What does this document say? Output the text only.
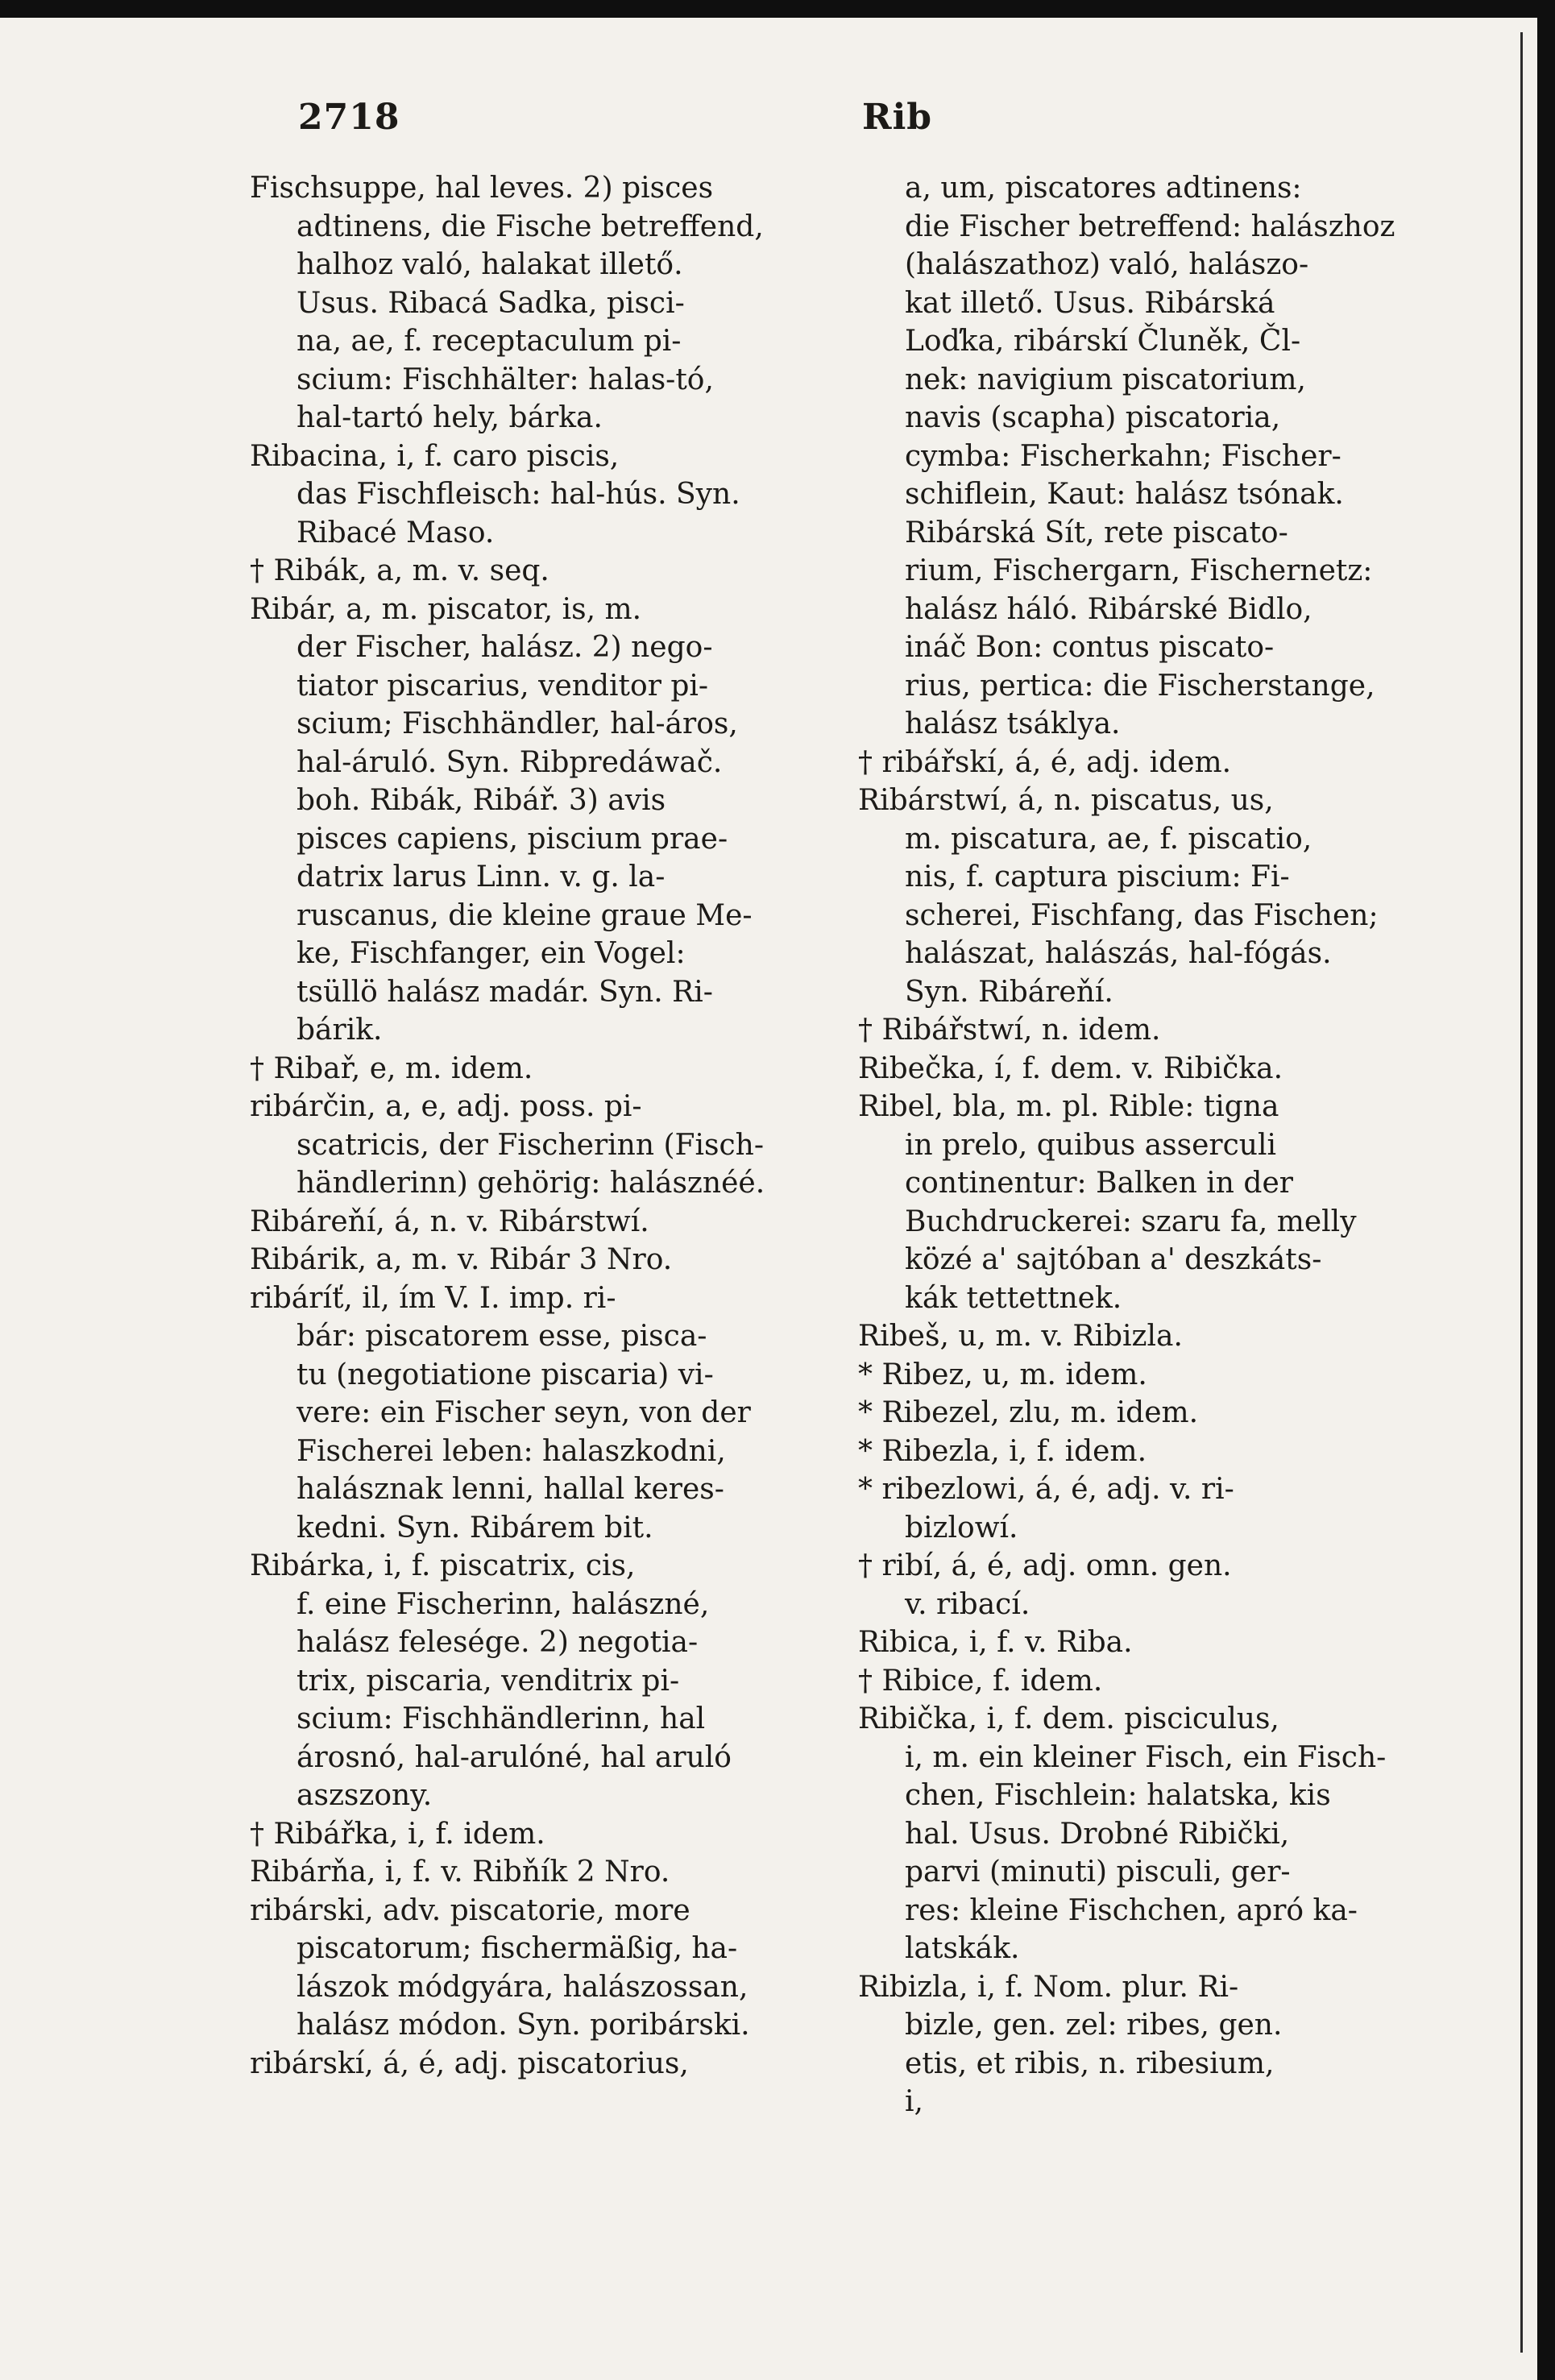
2718	Rib
Fischsuppe, hal leves. 2) pisces
adtinens, die Fische betreffend,
halhoz való, halakat illető.
Usus. Ribacá Sadka, pisci-
na, ae, f. receptaculum pi-
scium: Fischhälter: halas-tó,
hal-tartó hely, bárka.
Ribacina, i, f. caro piscis,
das Fischfleisch: hal-hús. Syn.
Ribacé Maso.
† Ribák, a, m. v. seq.
Ribár, a, m. piscator, is, m.
der Fischer, halász. 2) nego-
tiator piscarius, venditor pi-
scium; Fischhändler, hal-áros,
hal-áruló. Syn. Ribpredáwač.
boh. Ribák, Ribář. 3) avis
pisces capiens, piscium prae-
datrix larus Linn. v. g. la-
ruscanus, die kleine graue Me-
ke, Fischfanger, ein Vogel:
tsüllö halász madár. Syn. Ri-
bárik.
† Ribař, e, m. idem.
ribárčin, a, e, adj. poss. pi-
scatricis, der Fischerinn (Fisch-
händlerinn) gehörig: halásznéé.
Ribáreňí, á, n. v. Ribárstwí.
Ribárik, a, m. v. Ribár 3 Nro.
ribáríť, il, ím V. I. imp. ri-
bár: piscatorem esse, pisca-
tu (negotiatione piscaria) vi-
vere: ein Fischer seyn, von der
Fischerei leben: halaszkodni,
halásznak lenni, hallal keres-
kedni. Syn. Ribárem bit.
Ribárka, i, f. piscatrix, cis,
f. eine Fischerinn, halászné,
halász felesége. 2) negotia-
trix, piscaria, venditrix pi-
scium: Fischhändlerinn, hal
árosnó, hal-arulóné, hal aruló
aszszony.
† Ribářka, i, f. idem.
Ribárňa, i, f. v. Ribňík 2 Nro.
ribárski, adv. piscatorie, more
piscatorum; fischermäßig, ha-
lászok módgyára, halászossan,
halász módon. Syn. poribárski.
ribárskí, á, é, adj. piscatorius,
a, um, piscatores adtinens:
die Fischer betreffend: halászhoz
(halászathoz) való, halászo-
kat illető. Usus. Ribárská
Loďka, ribárskí Čluněk, Čl-
nek: navigium piscatorium,
navis (scapha) piscatoria,
cymba: Fischerkahn; Fischer-
schiflein, Kaut: halász tsónak.
Ribárská Sít, rete piscato-
rium, Fischergarn, Fischernetz:
halász háló. Ribárské Bidlo,
ináč Bon: contus piscato-
rius, pertica: die Fischerstange,
halász tsáklya.
† ribářskí, á, é, adj. idem.
Ribárstwí, á, n. piscatus, us,
m. piscatura, ae, f. piscatio,
nis, f. captura piscium: Fi-
scherei, Fischfang, das Fischen;
halászat, halászás, hal-fógás.
Syn. Ribáreňí.
† Ribářstwí, n. idem.
Ribečka, í, f. dem. v. Ribička.
Ribel, bla, m. pl. Rible: tigna
in prelo, quibus asserculi
continentur: Balken in der
Buchdruckerei: szaru fa, melly
közé a' sajtóban a' deszkáts-
kák tettettnek.
Ribeš, u, m. v. Ribizla.
* Ribez, u, m. idem.
* Ribezel, zlu, m. idem.
* Ribezla, i, f. idem.
* ribezlowi, á, é, adj. v. ri-
bizlowí.
† ribí, á, é, adj. omn. gen.
v. ribací.
Ribica, i, f. v. Riba.
† Ribice, f. idem.
Ribička, i, f. dem. pisciculus,
i, m. ein kleiner Fisch, ein Fisch-
chen, Fischlein: halatska, kis
hal. Usus. Drobné Ribički,
parvi (minuti) pisculi, ger-
res: kleine Fischchen, apró ka-
latskák.
Ribizla, i, f. Nom. plur. Ri-
bizle, gen. zel: ribes, gen.
etis, et ribis, n. ribesium,
i,
